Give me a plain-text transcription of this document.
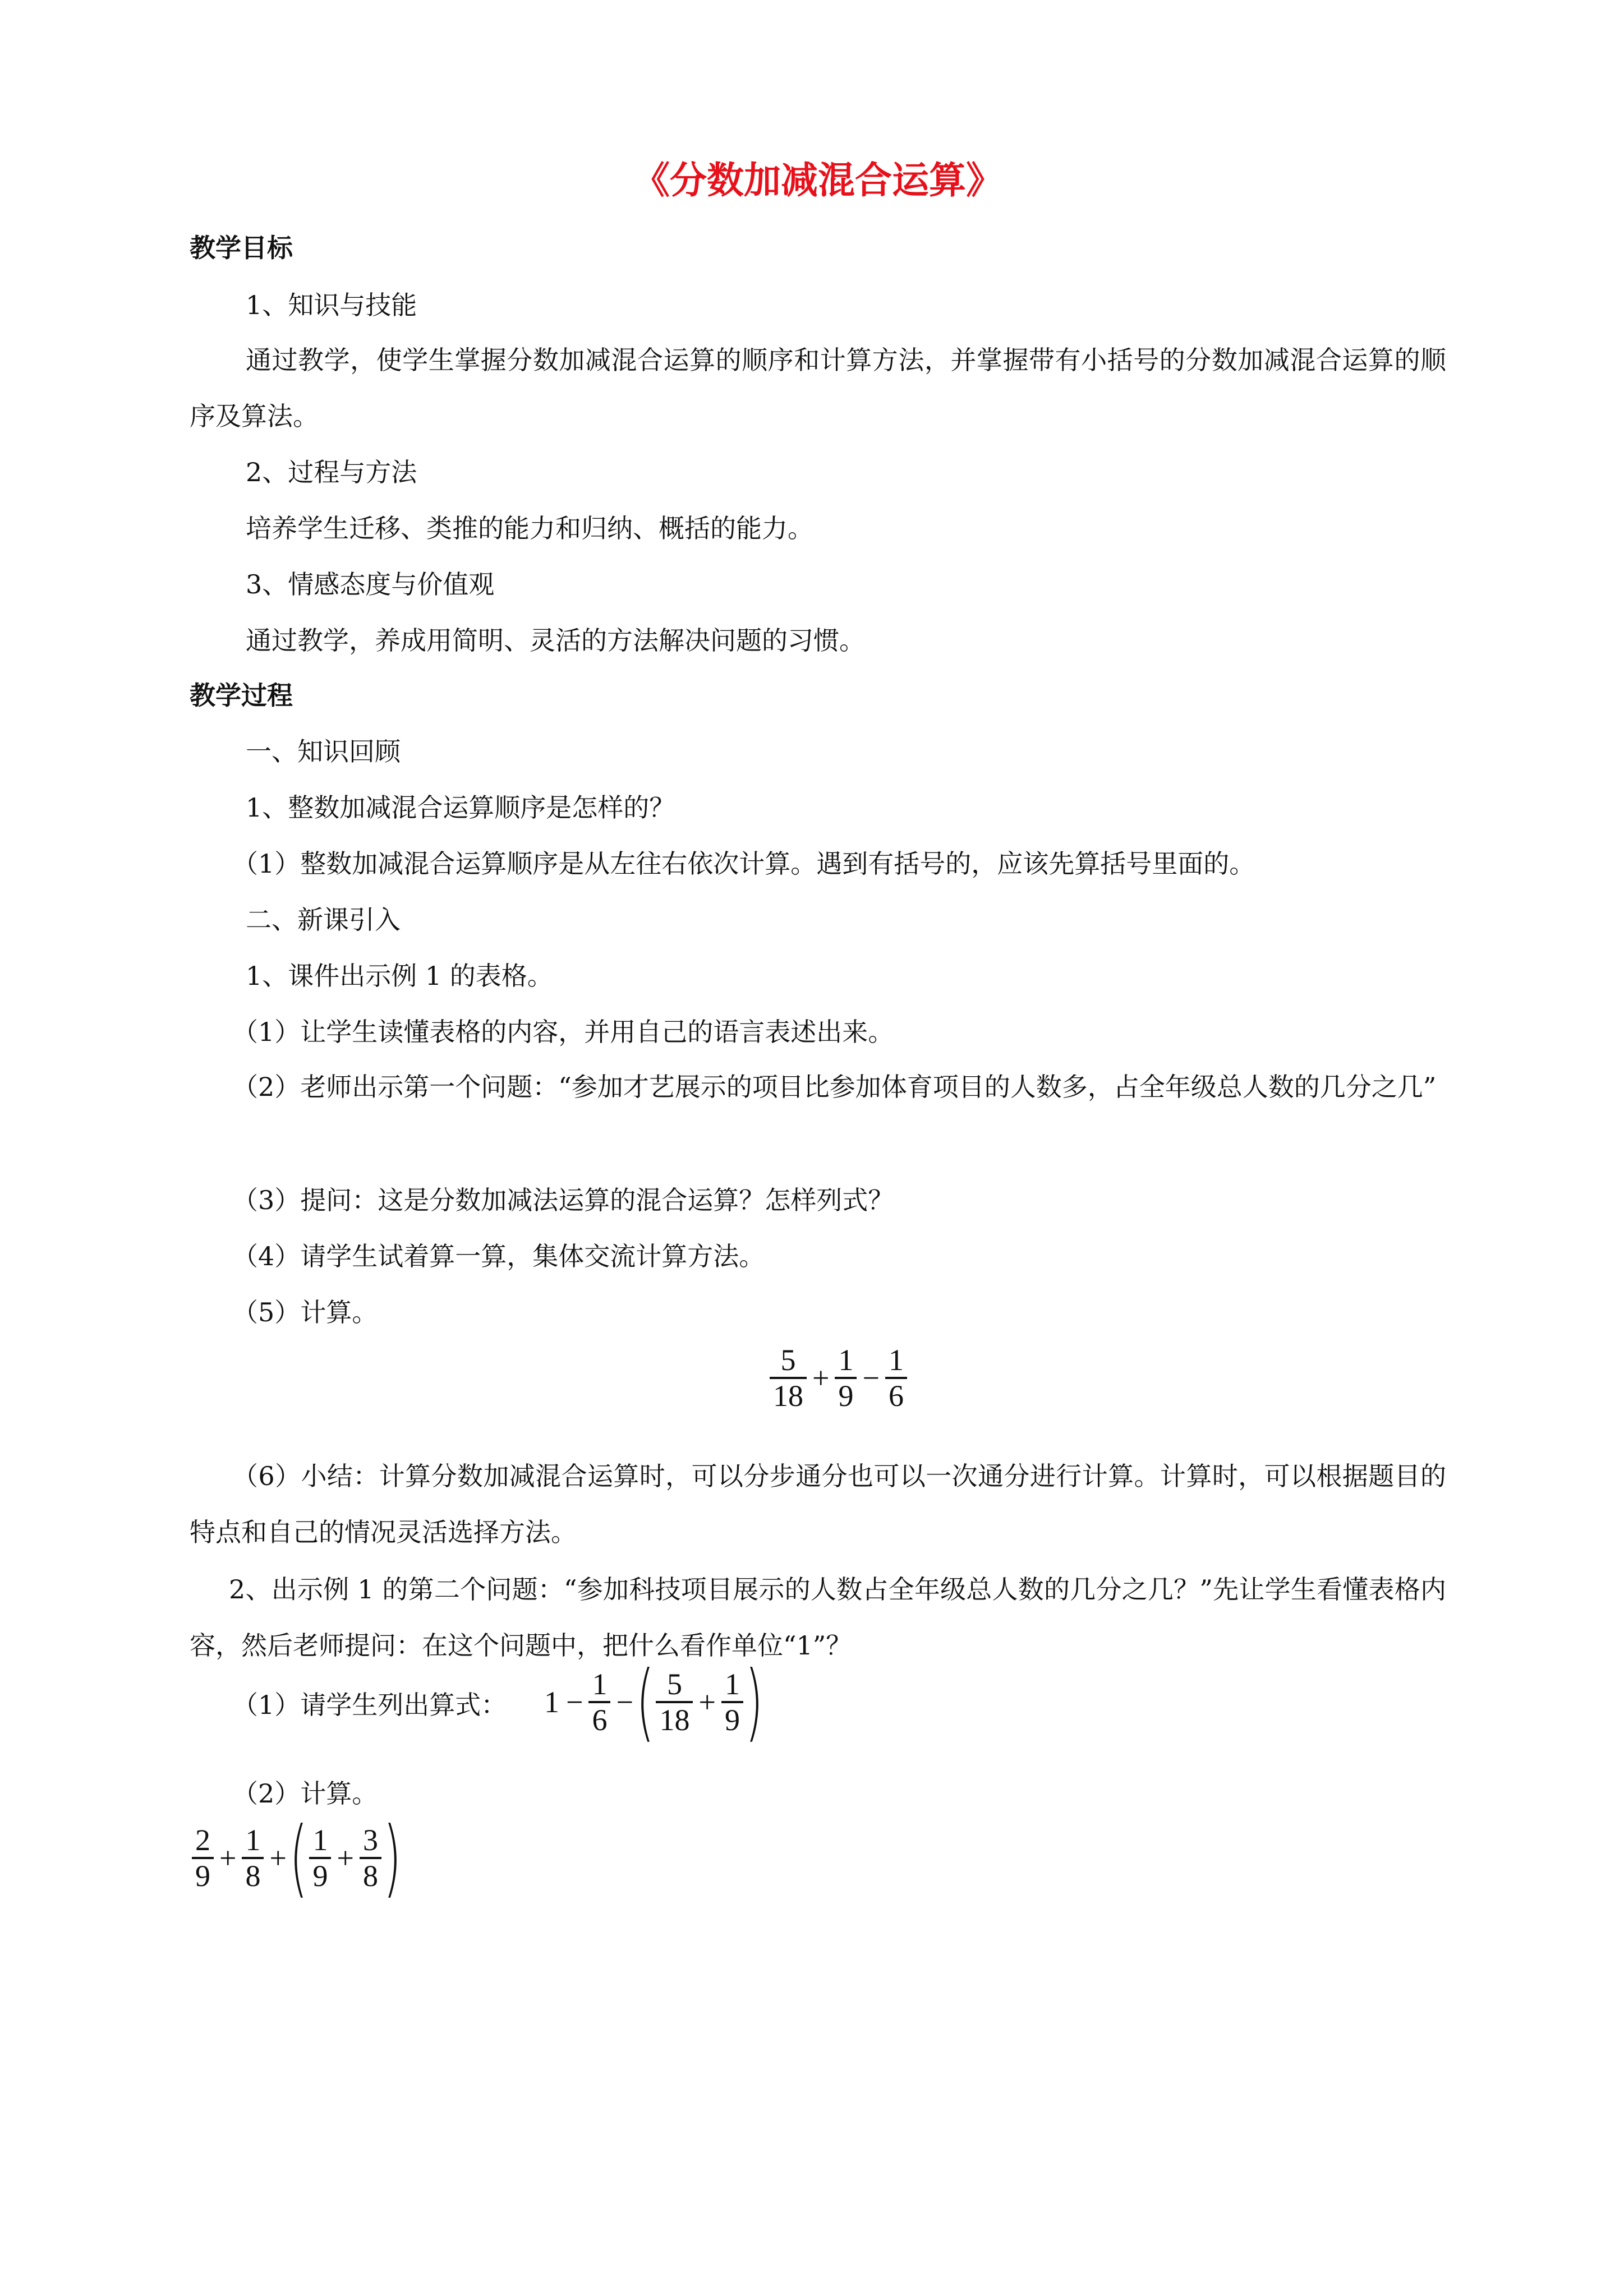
《分数加减混合运算》
教学目标
1、知识与技能
通过教学，使学生掌握分数加减混合运算的顺序和计算方法，并掌握带有小括号的分数加减混合运算的顺序及算法。
2、过程与方法
培养学生迁移、类推的能力和归纳、概括的能力。
3、情感态度与价值观
通过教学，养成用简明、灵活的方法解决问题的习惯。
教学过程
一、知识回顾
1、整数加减混合运算顺序是怎样的？
（1）整数加减混合运算顺序是从左往右依次计算。遇到有括号的，应该先算括号里面的。
二、新课引入
1、课件出示例 1 的表格。
（1）让学生读懂表格的内容，并用自己的语言表述出来。
（2）老师出示第一个问题：“参加才艺展示的项目比参加体育项目的人数多，占全年级总人数的几分之几”
（3）提问：这是分数加减法运算的混合运算？怎样列式？
（4）请学生试着算一算，集体交流计算方法。
（5）计算。
$\frac{5}{18} + \frac{1}{9} - \frac{1}{6}$
（6）小结：计算分数加减混合运算时，可以分步通分也可以一次通分进行计算。计算时，可以根据题目的特点和自己的情况灵活选择方法。
2、出示例 1 的第二个问题：“参加科技项目展示的人数占全年级总人数的几分之几？”先让学生看懂表格内容，然后老师提问：在这个问题中，把什么看作单位“1”？
（1）请学生列出算式： $1 - \frac{1}{6}$ − ( $\frac{5}{18} + \frac{1}{9}$ )
（2）计算。
$\frac{2}{9} + \frac{1}{8}$ + ( $\frac{1}{9} + \frac{3}{8}$ )
